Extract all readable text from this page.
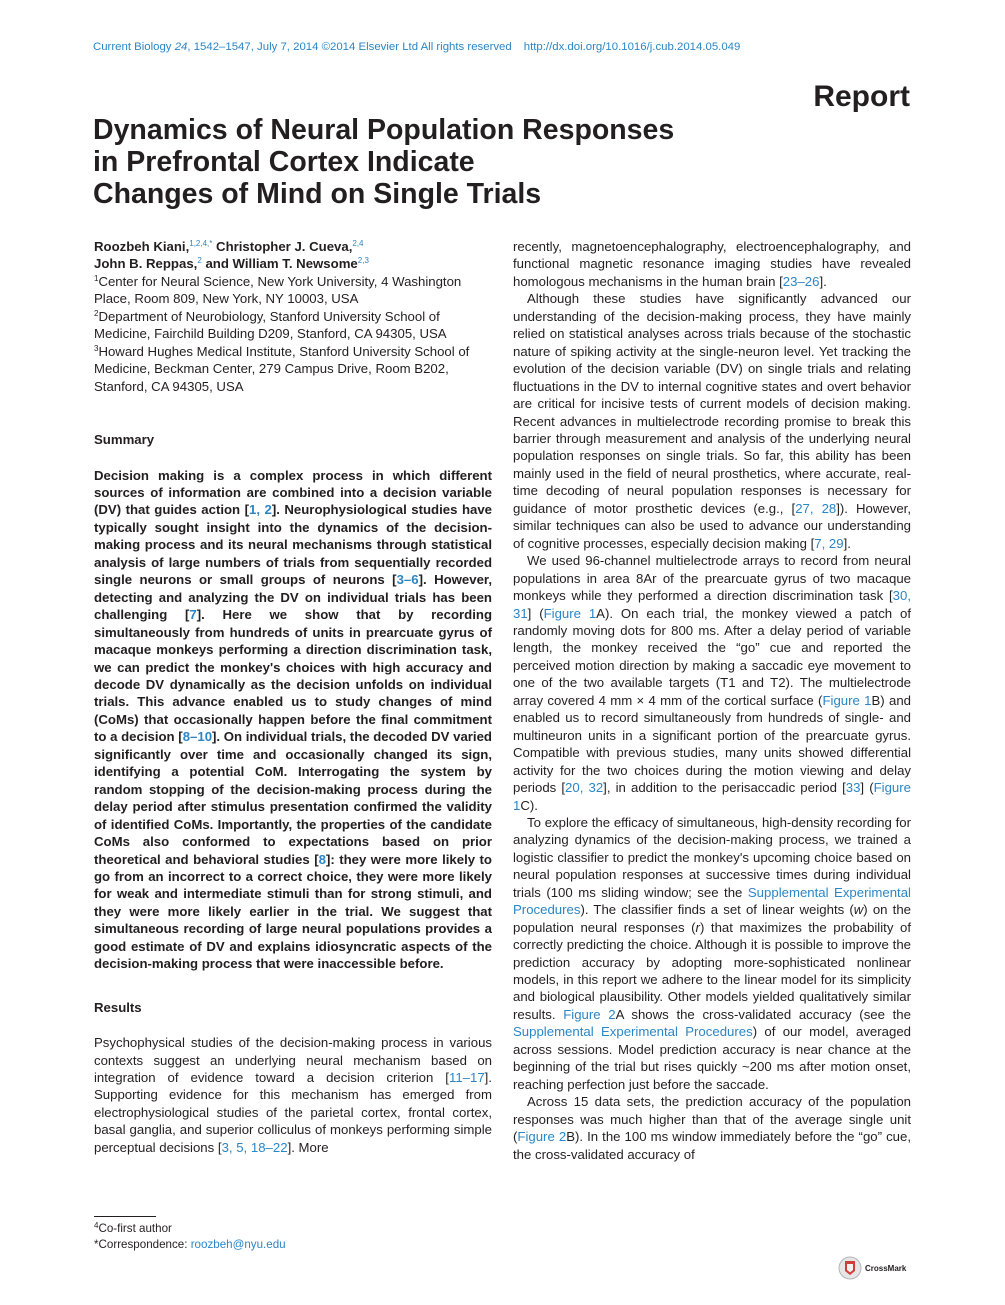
Current Biology 24, 1542–1547, July 7, 2014 ©2014 Elsevier Ltd All rights reserved http://dx.doi.org/10.1016/j.cub.2014.05.049
Report
Dynamics of Neural Population Responses
in Prefrontal Cortex Indicate
Changes of Mind on Single Trials
Roozbeh Kiani,$^{1,2,4,*}$ Christopher J. Cueva,$^{2,4}$
John B. Reppas,$^2$ and William T. Newsome$^{2,3}$
$^1$Center for Neural Science, New York University, 4 Washington Place, Room 809, New York, NY 10003, USA
$^2$Department of Neurobiology, Stanford University School of Medicine, Fairchild Building D209, Stanford, CA 94305, USA
$^3$Howard Hughes Medical Institute, Stanford University School of Medicine, Beckman Center, 279 Campus Drive, Room B202, Stanford, CA 94305, USA
Summary
Decision making is a complex process in which different sources of information are combined into a decision variable (DV) that guides action [1, 2]. Neurophysiological studies have typically sought insight into the dynamics of the decision-making process and its neural mechanisms through statistical analysis of large numbers of trials from sequentially recorded single neurons or small groups of neurons [3–6]. However, detecting and analyzing the DV on individual trials has been challenging [7]. Here we show that by recording simultaneously from hundreds of units in prearcuate gyrus of macaque monkeys performing a direction discrimination task, we can predict the monkey's choices with high accuracy and decode DV dynamically as the decision unfolds on individual trials. This advance enabled us to study changes of mind (CoMs) that occasionally happen before the final commitment to a decision [8–10]. On individual trials, the decoded DV varied significantly over time and occasionally changed its sign, identifying a potential CoM. Interrogating the system by random stopping of the decision-making process during the delay period after stimulus presentation confirmed the validity of identified CoMs. Importantly, the properties of the candidate CoMs also conformed to expectations based on prior theoretical and behavioral studies [8]: they were more likely to go from an incorrect to a correct choice, they were more likely for weak and intermediate stimuli than for strong stimuli, and they were more likely earlier in the trial. We suggest that simultaneous recording of large neural populations provides a good estimate of DV and explains idiosyncratic aspects of the decision-making process that were inaccessible before.
Results
Psychophysical studies of the decision-making process in various contexts suggest an underlying neural mechanism based on integration of evidence toward a decision criterion [11–17]. Supporting evidence for this mechanism has emerged from electrophysiological studies of the parietal cortex, frontal cortex, basal ganglia, and superior colliculus of monkeys performing simple perceptual decisions [3, 5, 18–22]. More
recently, magnetoencephalography, electroencephalography, and functional magnetic resonance imaging studies have revealed homologous mechanisms in the human brain [23–26].
Although these studies have significantly advanced our understanding of the decision-making process, they have mainly relied on statistical analyses across trials because of the stochastic nature of spiking activity at the single-neuron level. Yet tracking the evolution of the decision variable (DV) on single trials and relating fluctuations in the DV to internal cognitive states and overt behavior are critical for incisive tests of current models of decision making. Recent advances in multielectrode recording promise to break this barrier through measurement and analysis of the underlying neural population responses on single trials. So far, this ability has been mainly used in the field of neural prosthetics, where accurate, real-time decoding of neural population responses is necessary for guidance of motor prosthetic devices (e.g., [27, 28]). However, similar techniques can also be used to advance our understanding of cognitive processes, especially decision making [7, 29].
We used 96-channel multielectrode arrays to record from neural populations in area 8Ar of the prearcuate gyrus of two macaque monkeys while they performed a direction discrimination task [30, 31] (Figure 1A). On each trial, the monkey viewed a patch of randomly moving dots for 800 ms. After a delay period of variable length, the monkey received the “go” cue and reported the perceived motion direction by making a saccadic eye movement to one of the two available targets (T1 and T2). The multielectrode array covered 4 mm × 4 mm of the cortical surface (Figure 1B) and enabled us to record simultaneously from hundreds of single- and multineuron units in a significant portion of the prearcuate gyrus. Compatible with previous studies, many units showed differential activity for the two choices during the motion viewing and delay periods [20, 32], in addition to the perisaccadic period [33] (Figure 1C).
To explore the efficacy of simultaneous, high-density recording for analyzing dynamics of the decision-making process, we trained a logistic classifier to predict the monkey's upcoming choice based on neural population responses at successive times during individual trials (100 ms sliding window; see the Supplemental Experimental Procedures). The classifier finds a set of linear weights (w) on the population neural responses (r) that maximizes the probability of correctly predicting the choice. Although it is possible to improve the prediction accuracy by adopting more-sophisticated nonlinear models, in this report we adhere to the linear model for its simplicity and biological plausibility. Other models yielded qualitatively similar results. Figure 2A shows the cross-validated accuracy (see the Supplemental Experimental Procedures) of our model, averaged across sessions. Model prediction accuracy is near chance at the beginning of the trial but rises quickly ~200 ms after motion onset, reaching perfection just before the saccade.
Across 15 data sets, the prediction accuracy of the population responses was much higher than that of the average single unit (Figure 2B). In the 100 ms window immediately before the “go” cue, the cross-validated accuracy of
$^4$Co-first author
*Correspondence: roozbeh@nyu.edu
CrossMark
